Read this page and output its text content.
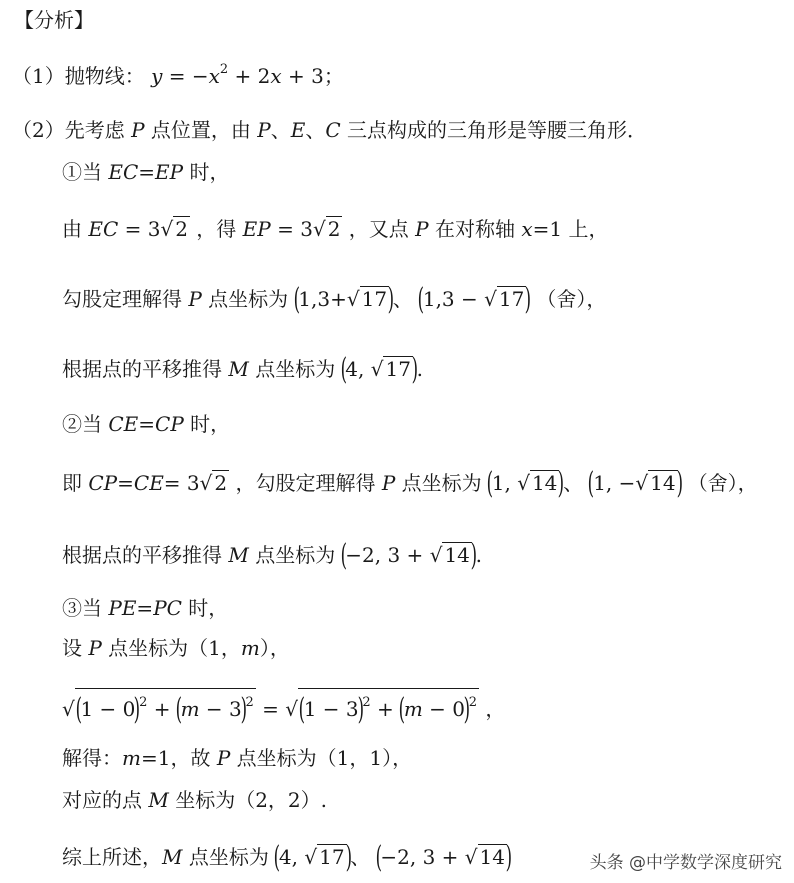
【分析】
（1）抛物线： $y = -x^2 + 2x + 3$；
（2）先考虑 P 点位置，由 P、E、C 三点构成的三角形是等腰三角形．
①当 EC=EP 时，
由 EC = 3√ 2 ，得 EP = 3√ 2 ，又点 P 在对称轴 x=1 上，
勾股定理解得 P 点坐标为 (1,3+√ 17)、 (1,3 − √ 17) （舍），
根据点的平移推得 M 点坐标为 (4, √ 17).
②当 CE=CP 时，
即 CP=CE= 3√ 2 ，勾股定理解得 P 点坐标为 (1, √ 14)、 (1, −√ 14) （舍），
根据点的平移推得 M 点坐标为 (−2, 3 + √ 14).
③当 PE=PC 时，
设 P 点坐标为（1，m），
$√(1 - 0)^2 + (m - 3)^2 = √(1 - 3)^2 + (m - 0)^2$ ，
解得：m=1，故 P 点坐标为（1，1），
对应的点 M 坐标为（2，2）.
综上所述，M 点坐标为 (4, √ 17)、 (−2, 3 + √ 14)	头条 @中学数学深度研究
